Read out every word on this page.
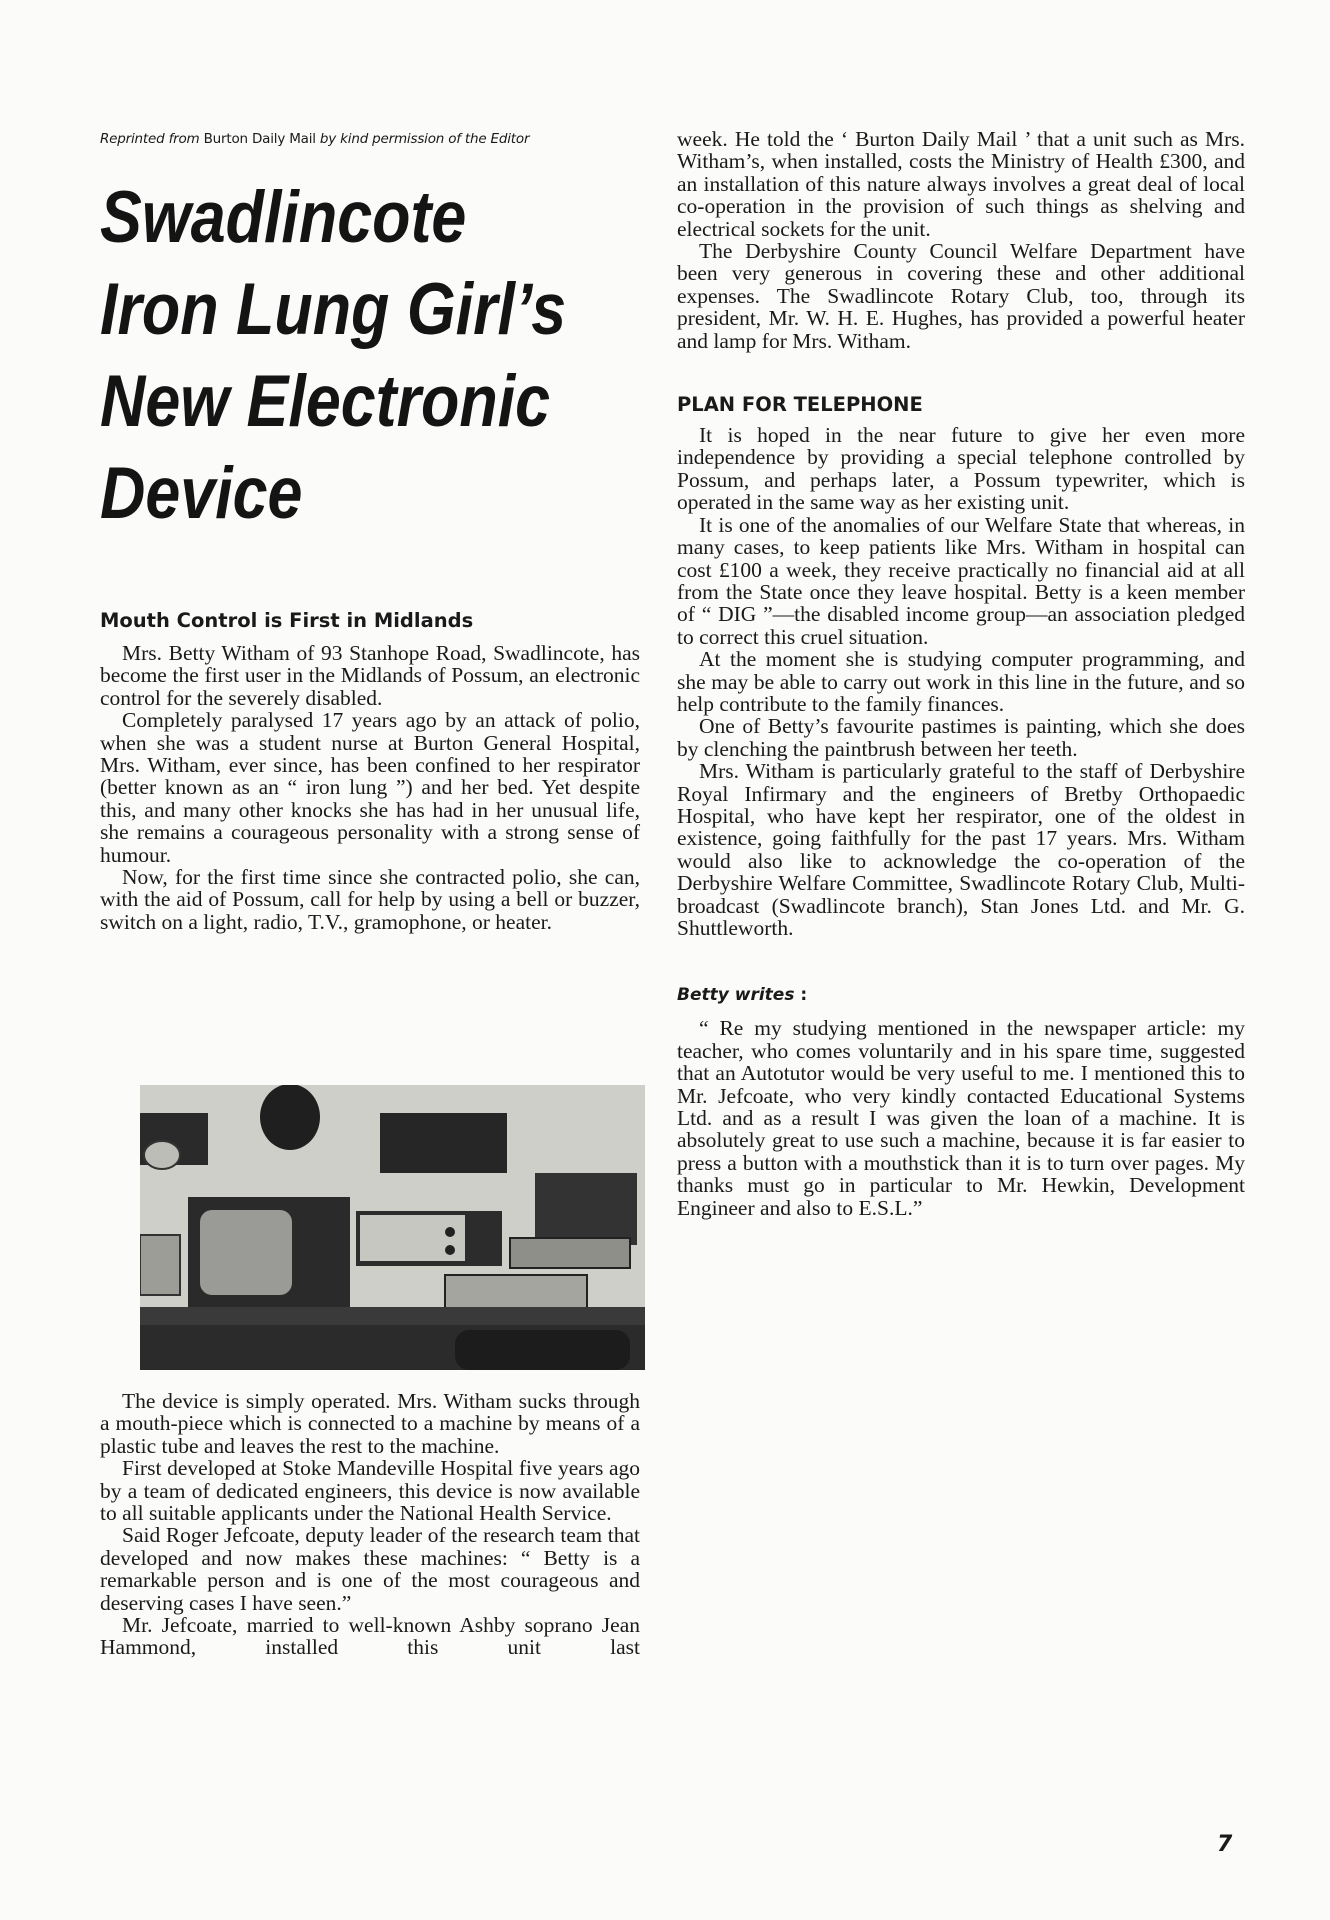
Reprinted from Burton Daily Mail by kind permission of the Editor

Swadlincote
Iron Lung Girl’s
New Electronic
Device
Mouth Control is First in Midlands

Mrs. Betty Witham of 93 Stanhope Road, Swadlincote, has become the first user in the Midlands of Possum, an electronic control for the severely disabled.

Completely paralysed 17 years ago by an attack of polio, when she was a student nurse at Burton General Hospital, Mrs. Witham, ever since, has been confined to her respirator (better known as an “ iron lung ”) and her bed. Yet despite this, and many other knocks she has had in her unusual life, she remains a courageous personality with a strong sense of humour.

Now, for the first time since she contracted polio, she can, with the aid of Possum, call for help by using a bell or buzzer, switch on a light, radio, T.V., gramophone, or heater.

The device is simply operated. Mrs. Witham sucks through a mouth-piece which is connected to a machine by means of a plastic tube and leaves the rest to the machine.

First developed at Stoke Mandeville Hospital five years ago by a team of dedicated engineers, this device is now available to all suitable applicants under the National Health Service.

Said Roger Jefcoate, deputy leader of the research team that developed and now makes these machines: “ Betty is a remarkable person and is one of the most courageous and deserving cases I have seen.”

Mr. Jefcoate, married to well-known Ashby soprano Jean Hammond, installed this unit last

week. He told the ‘ Burton Daily Mail ’ that a unit such as Mrs. Witham’s, when installed, costs the Ministry of Health £300, and an installation of this nature always involves a great deal of local co-operation in the provision of such things as shelving and electrical sockets for the unit.

The Derbyshire County Council Welfare Department have been very generous in covering these and other additional expenses. The Swadlincote Rotary Club, too, through its president, Mr. W. H. E. Hughes, has provided a powerful heater and lamp for Mrs. Witham.

PLAN FOR TELEPHONE

It is hoped in the near future to give her even more independence by providing a special telephone controlled by Possum, and perhaps later, a Possum typewriter, which is operated in the same way as her existing unit.

It is one of the anomalies of our Welfare State that whereas, in many cases, to keep patients like Mrs. Witham in hospital can cost £100 a week, they receive practically no financial aid at all from the State once they leave hospital. Betty is a keen member of “ DIG ”—the disabled income group—an association pledged to correct this cruel situation.

At the moment she is studying computer programming, and she may be able to carry out work in this line in the future, and so help contribute to the family finances.

One of Betty’s favourite pastimes is painting, which she does by clenching the paintbrush between her teeth.

Mrs. Witham is particularly grateful to the staff of Derbyshire Royal Infirmary and the engineers of Bretby Orthopaedic Hospital, who have kept her respirator, one of the oldest in existence, going faithfully for the past 17 years. Mrs. Witham would also like to acknowledge the co-operation of the Derbyshire Welfare Committee, Swadlincote Rotary Club, Multi-broadcast (Swadlincote branch), Stan Jones Ltd. and Mr. G. Shuttleworth.

Betty writes :

“ Re my studying mentioned in the newspaper article: my teacher, who comes voluntarily and in his spare time, suggested that an Autotutor would be very useful to me. I mentioned this to Mr. Jefcoate, who very kindly contacted Educational Systems Ltd. and as a result I was given the loan of a machine. It is absolutely great to use such a machine, because it is far easier to press a button with a mouthstick than it is to turn over pages. My thanks must go in particular to Mr. Hewkin, Development Engineer and also to E.S.L.”

7
